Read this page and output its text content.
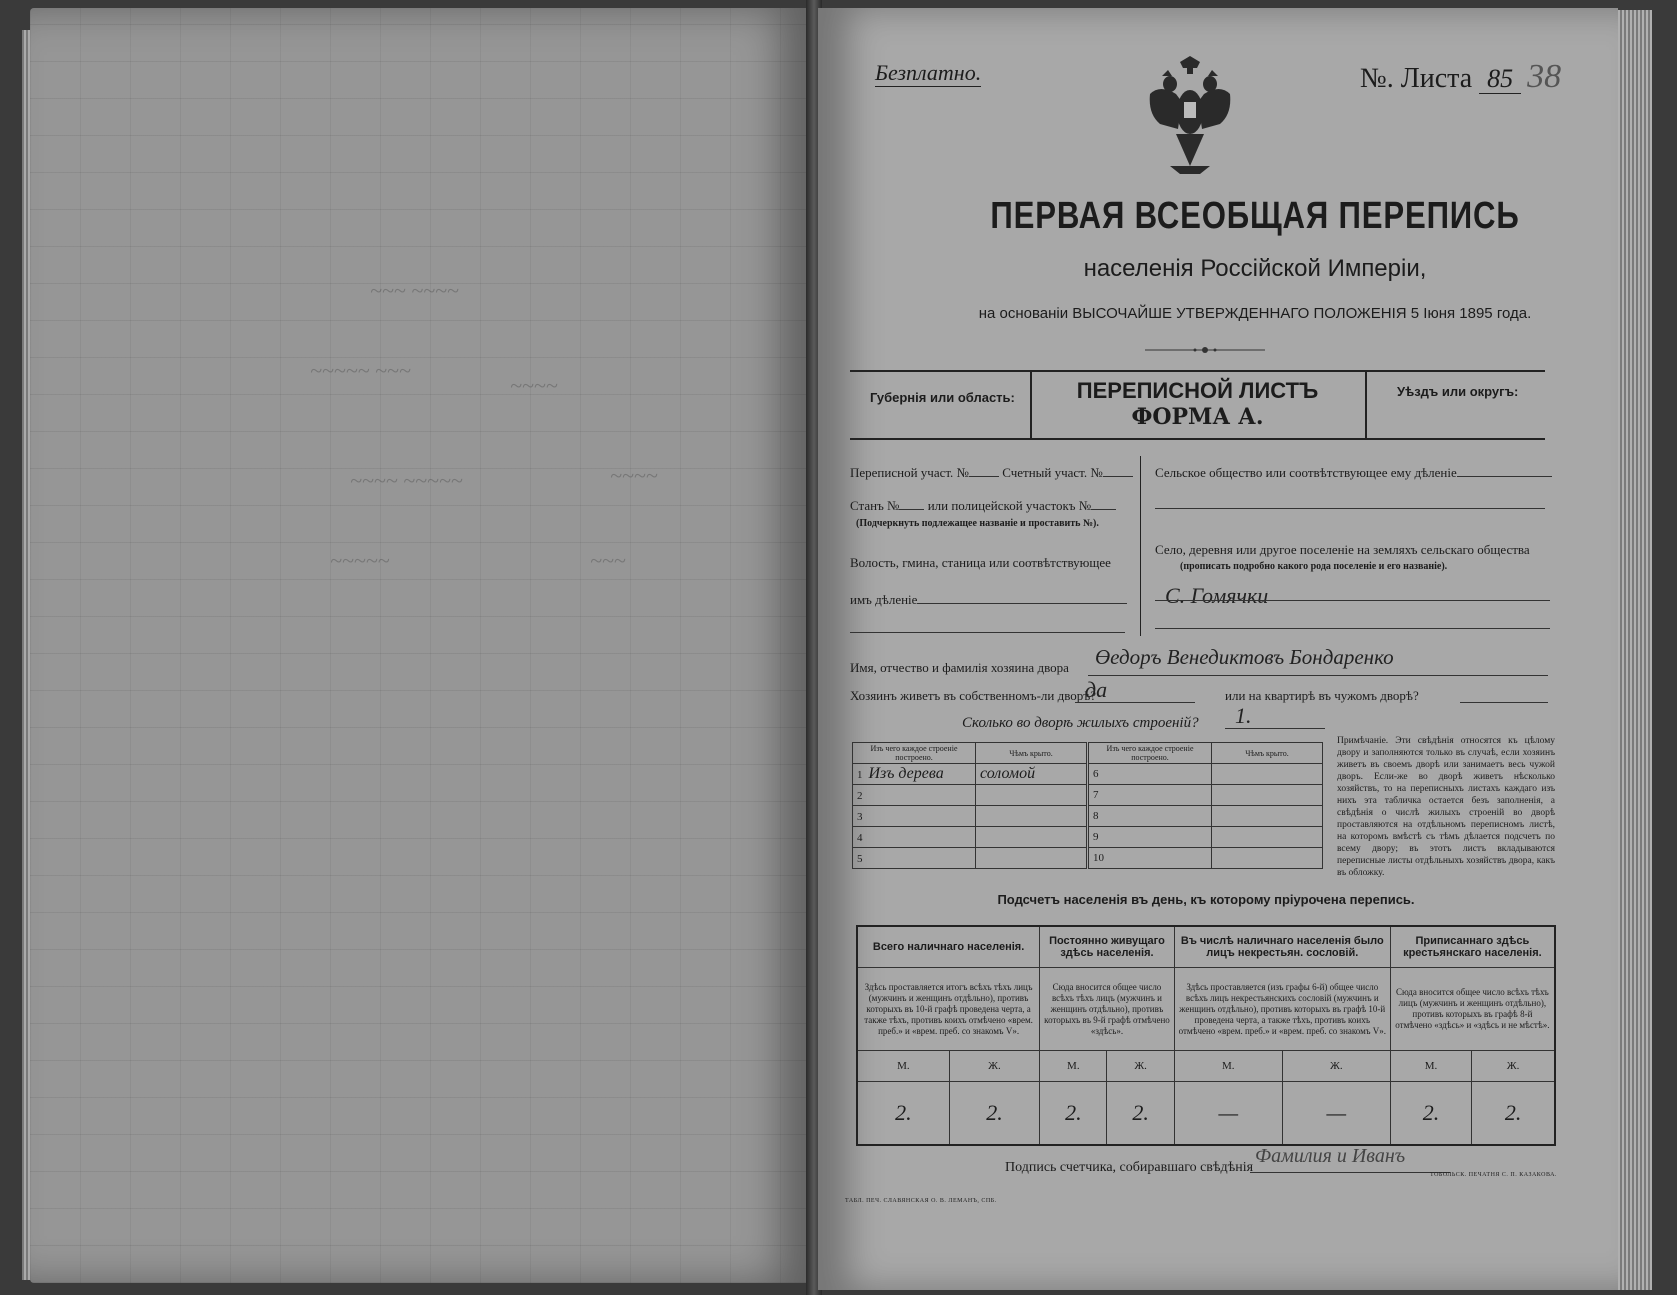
~~~ ~~~~
~~~~~ ~~~
~~~~
~~~~ ~~~~~	~~~~
~~~~~	~~~
Безплатно.	№. Листа 85 38
ПЕРВАЯ ВСЕОБЩАЯ ПЕРЕПИСЬ
населенія Россійской Имперіи,
на основаніи ВЫСОЧАЙШЕ УТВЕРЖДЕННАГО ПОЛОЖЕНІЯ 5 Іюня 1895 года.
Губернія или область:	Уѣздъ или округъ:
ПЕРЕПИСНОЙ ЛИСТЪ
ФОРМА А.
Переписной участ. №	Счетный участ. №
Станъ № или полицейской участокъ №
(Подчеркнуть подлежащее названіе и проставить №).
Волость, гмина, станица или соотвѣтствующее
имъ дѣленіе
Сельское общество или соотвѣтствующее ему дѣленіе
Село, деревня или другое поселеніе на земляхъ сельскаго общества
(прописать подробно какого рода поселеніе и его названіе).
С. Гомячки
Имя, отчество и фамилія хозяина двора Өедоръ Венедиктовъ Бондаренко
Хозяинъ живетъ въ собственномъ-ли дворѣ?
да	или на квартирѣ въ чужомъ дворѣ?
Сколько во дворѣ жилыхъ строеній? 1.
Изъ чего каждое строеніе построено.	Чѣмъ крыто.
1 Изъ дерева	соломой
2	
3	
4	
5	
Изъ чего каждое строеніе построено.	Чѣмъ крыто.
6	
7	
8	
9	
10	
Примѣчаніе. Эти свѣдѣнія относятся къ цѣлому двору и заполняются только въ случаѣ, если хозяинъ живетъ въ своемъ дворѣ или занимаетъ весь чужой дворъ. Если-же во дворѣ живетъ нѣсколько хозяйствъ, то на переписныхъ листахъ каждаго изъ нихъ эта табличка остается безъ заполненія, а свѣдѣнія о числѣ жилыхъ строеній во дворѣ проставляются на отдѣльномъ переписномъ листѣ, на которомъ вмѣстѣ съ тѣмъ дѣлается подсчетъ по всему двору; въ этотъ листъ вкладываются переписные листы отдѣльныхъ хозяйствъ двора, какъ въ обложку.
Подсчетъ населенія въ день, къ которому пріурочена перепись.
Всего наличнаго населенія.		Постоянно живущаго здѣсь населенія.		Въ числѣ наличнаго населенія было лицъ некрестьян. сословій.		Приписаннаго здѣсь крестьянскаго населенія.	
Здѣсь проставляется итогъ всѣхъ тѣхъ лицъ (мужчинъ и женщинъ отдѣльно), противъ которыхъ въ 10-й графѣ проведена черта, а также тѣхъ, противъ коихъ отмѣчено «врем. преб.» и «врем. преб. со знакомъ V».		Сюда вносится общее число всѣхъ тѣхъ лицъ (мужчинъ и женщинъ отдѣльно), противъ которыхъ въ 9-й графѣ отмѣчено «здѣсь».		Здѣсь проставляется (изъ графы 6-й) общее число всѣхъ лицъ некрестьянскихъ сословій (мужчинъ и женщинъ отдѣльно), противъ которыхъ въ графѣ 10-й проведена черта, а также тѣхъ, противъ коихъ отмѣчено «врем. преб.» и «врем. преб. со знакомъ V».		Сюда вносится общее число всѣхъ тѣхъ лицъ (мужчинъ и женщинъ отдѣльно), противъ которыхъ въ графѣ 8-й отмѣчено «здѣсь» и «здѣсь и не мѣстѣ».	
М.	Ж.	М.	Ж.	М.	Ж.	М.	Ж.
2.	2.	2.	2.	—	—	2.	2.
Подпись счетчика, собиравшаго свѣдѣнія
Фамилия и Иванъ
ТАБЛ. ПЕЧ. СЛАВЯНСКАЯ О. В. ЛЕМАНЪ, СПБ.
ТОБОЛЬСК. ПЕЧАТНЯ С. П. КАЗАКОВА.
